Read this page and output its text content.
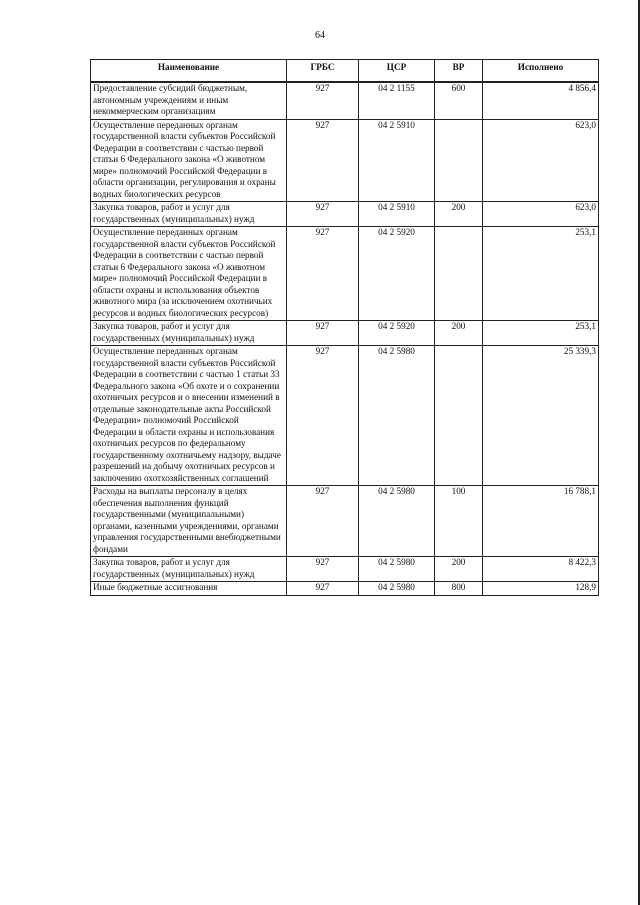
64
Наименование	ГРБС	ЦСР	ВР	Исполнено
Предоставление субсидий бюджетным, автономным учреждениям и иным некоммерческим организациям	927	04 2 1155	600	4 856,4
Осуществление переданных органам государственной власти субъектов Российской Федерации в соответствии с частью первой статьи 6 Федерального закона «О животном мире» полномочий Российской Федерации в области организации, регулирования и охраны водных биологических ресурсов	927	04 2 5910		623,0
Закупка товаров, работ и услуг для государственных (муниципальных) нужд	927	04 2 5910	200	623,0
Осуществление переданных органам государственной власти субъектов Российской Федерации в соответствии с частью первой статьи 6 Федерального закона «О животном мире» полномочий Российской Федерации в области охраны и использования объектов животного мира (за исключением охотничьих ресурсов и водных биологических ресурсов)	927	04 2 5920		253,1
Закупка товаров, работ и услуг для государственных (муниципальных) нужд	927	04 2 5920	200	253,1
Осуществление переданных органам государственной власти субъектов Российской Федерации в соответствии с частью 1 статьи 33 Федерального закона «Об охоте и о сохранении охотничьих ресурсов и о внесении изменений в отдельные законодательные акты Российской Федерации» полномочий Российской Федерации в области охраны и использования охотничьих ресурсов по федеральному государственному охотничьему надзору, выдаче разрешений на добычу охотничьих ресурсов и заключению охотхозяйственных соглашений	927	04 2 5980		25 339,3
Расходы на выплаты персоналу в целях обеспечения выполнения функций государственными (муниципальными) органами, казенными учреждениями, органами управления государственными внебюджетными фондами	927	04 2 5980	100	16 788,1
Закупка товаров, работ и услуг для государственных (муниципальных) нужд	927	04 2 5980	200	8 422,3
Иные бюджетные ассигнования	927	04 2 5980	800	128,9
